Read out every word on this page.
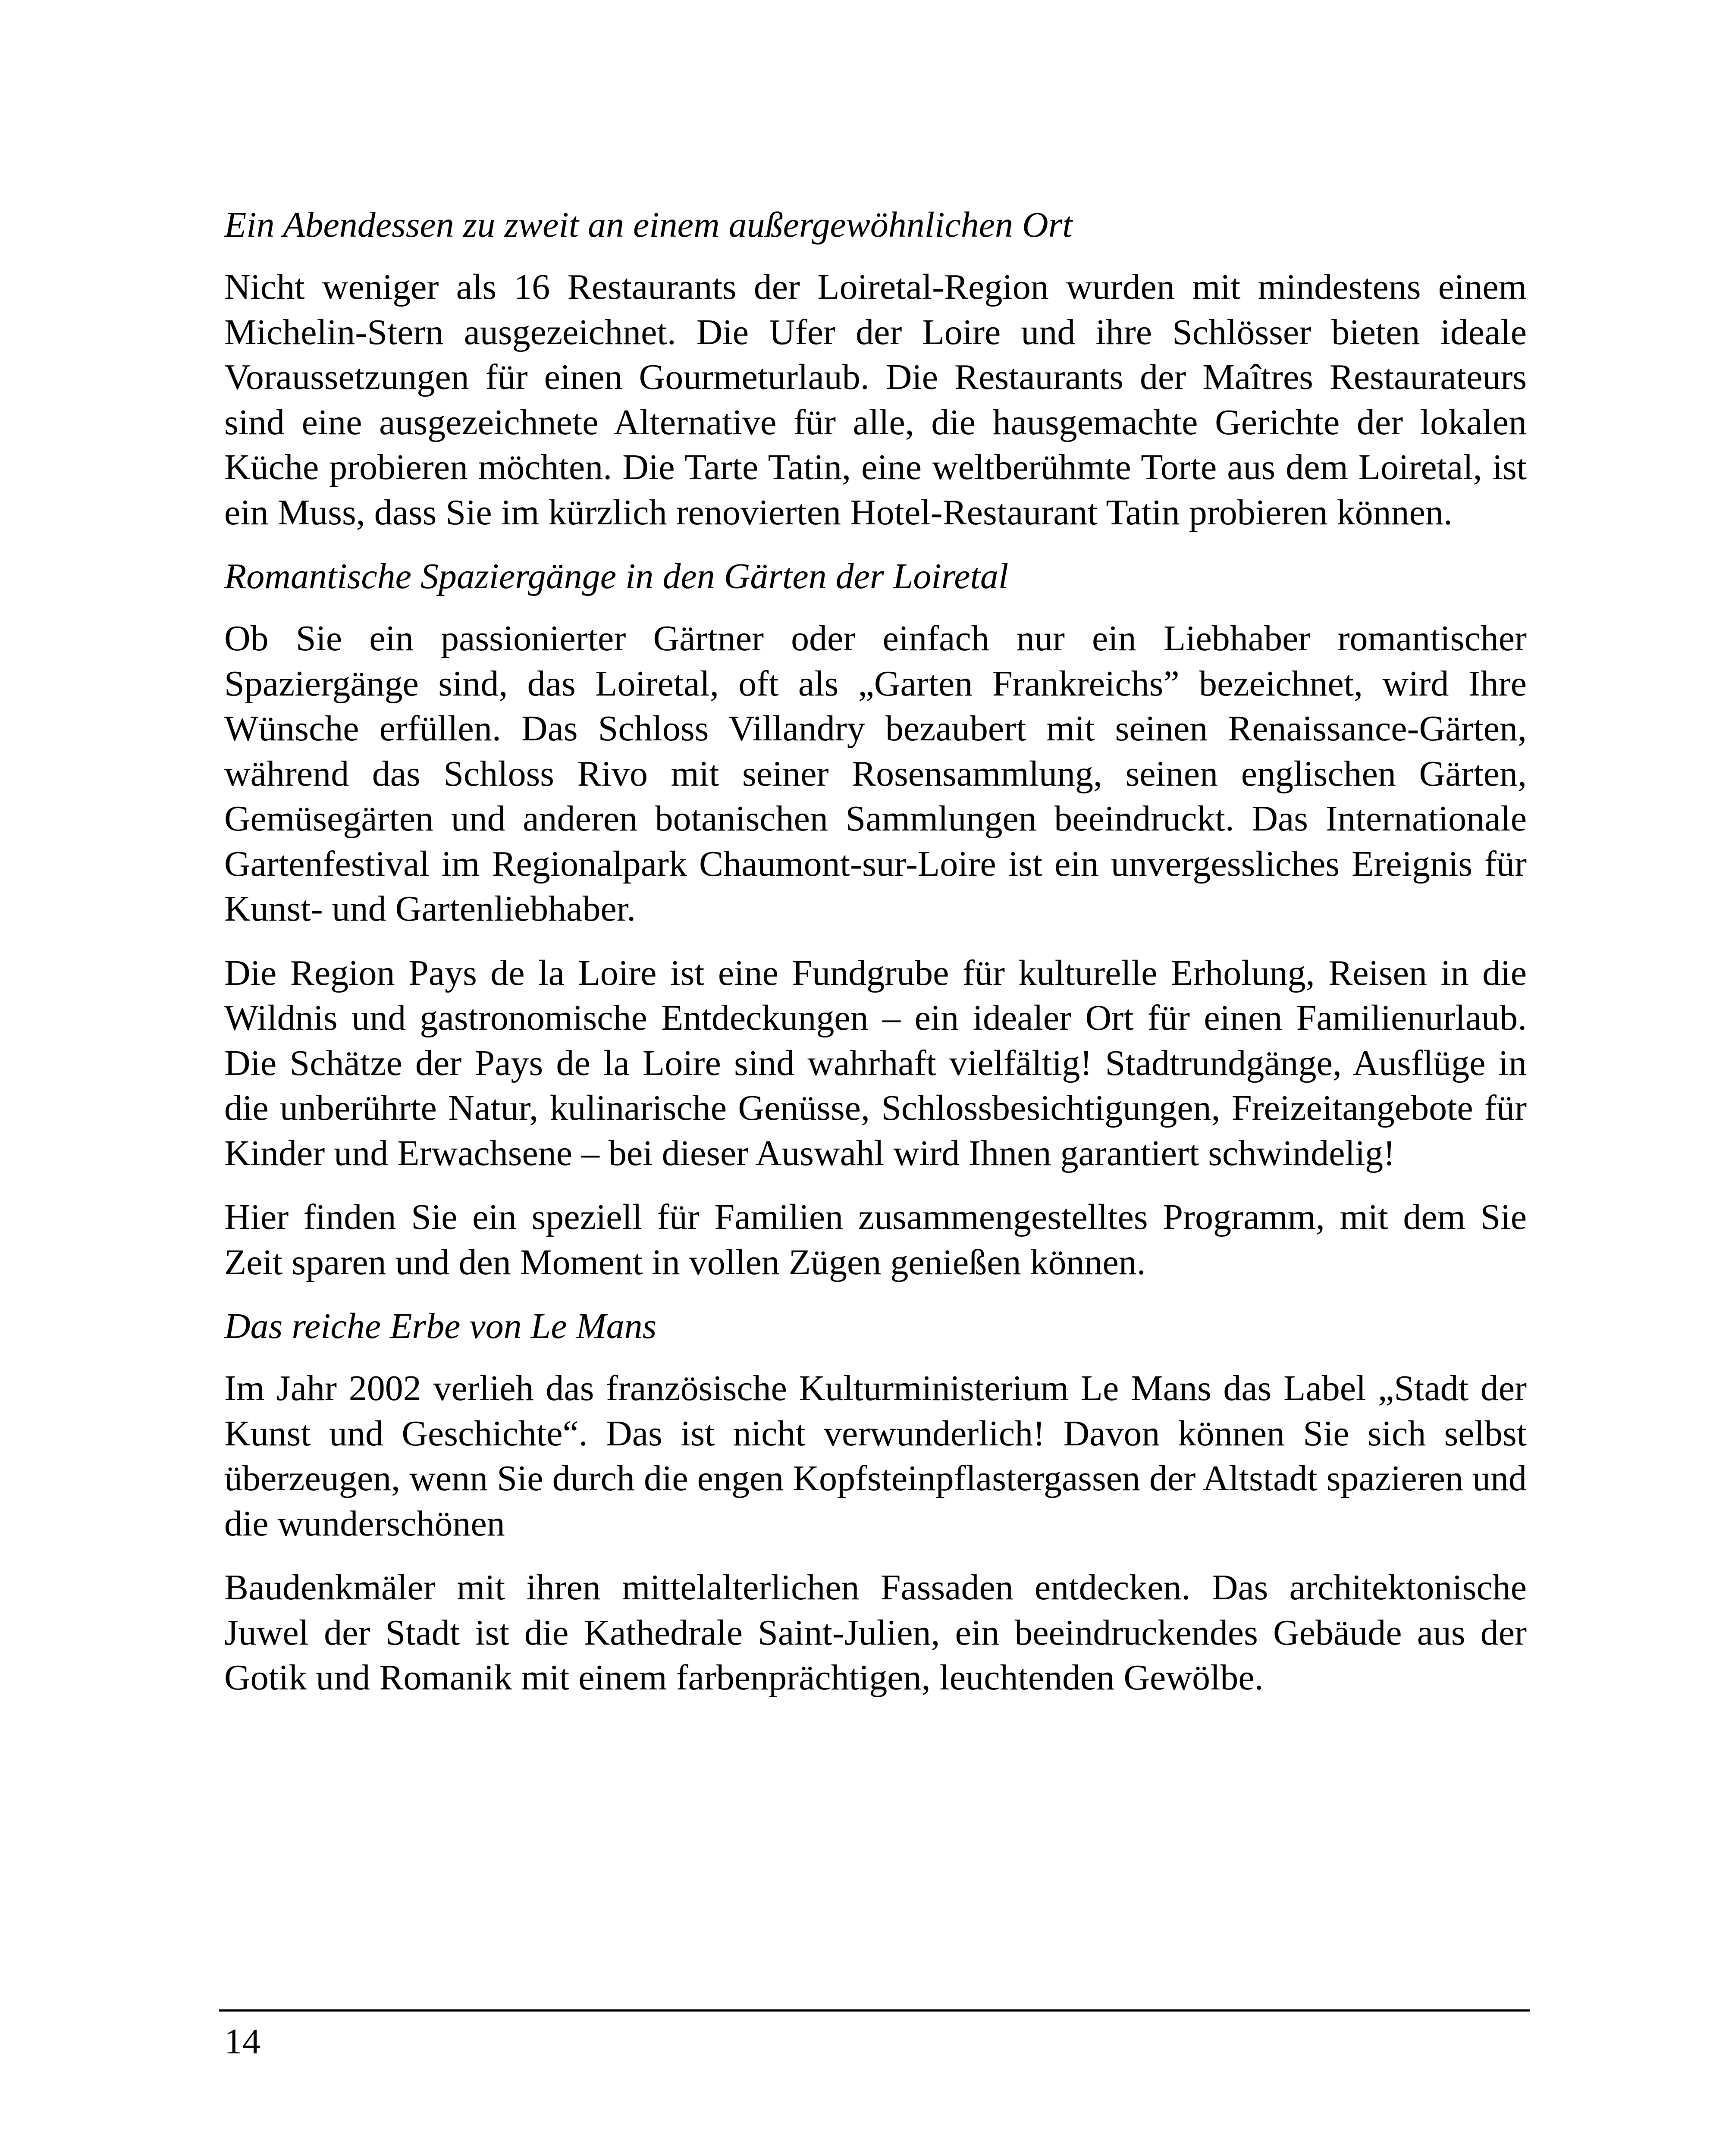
Ein Abendessen zu zweit an einem außergewöhnlichen Ort

Nicht weniger als 16 Restaurants der Loiretal-Region wurden mit mindestens einem Michelin-Stern ausgezeichnet. Die Ufer der Loire und ihre Schlösser bieten ideale Voraussetzungen für einen Gourmeturlaub. Die Restaurants der Maîtres Restaurateurs sind eine ausgezeichnete Alternative für alle, die hausgemachte Gerichte der lokalen Küche probieren möchten. Die Tarte Tatin, eine weltberühmte Torte aus dem Loiretal, ist ein Muss, dass Sie im kürzlich renovierten Hotel-Restaurant Tatin probieren können.

Romantische Spaziergänge in den Gärten der Loiretal

Ob Sie ein passionierter Gärtner oder einfach nur ein Liebhaber romantischer Spaziergänge sind, das Loiretal, oft als „Garten Frankreichs” bezeichnet, wird Ihre Wünsche erfüllen. Das Schloss Villandry bezaubert mit seinen Renaissance-Gärten, während das Schloss Rivo mit seiner Rosensammlung, seinen englischen Gärten, Gemüsegärten und anderen botanischen Sammlungen beeindruckt. Das Internationale Gartenfestival im Regionalpark Chaumont-sur-Loire ist ein unvergessliches Ereignis für Kunst- und Gartenliebhaber.

Die Region Pays de la Loire ist eine Fundgrube für kulturelle Erholung, Reisen in die Wildnis und gastronomische Entdeckungen – ein idealer Ort für einen Familienurlaub. Die Schätze der Pays de la Loire sind wahrhaft vielfältig! Stadtrundgänge, Ausflüge in die unberührte Natur, kulinarische Genüsse, Schlossbesichtigungen, Freizeitangebote für Kinder und Erwachsene – bei dieser Auswahl wird Ihnen garantiert schwindelig!

Hier finden Sie ein speziell für Familien zusammengestelltes Programm, mit dem Sie Zeit sparen und den Moment in vollen Zügen genießen können.

Das reiche Erbe von Le Mans

Im Jahr 2002 verlieh das französische Kulturministerium Le Mans das Label „Stadt der Kunst und Geschichte“. Das ist nicht verwunderlich! Davon können Sie sich selbst überzeugen, wenn Sie durch die engen Kopfsteinpflastergassen der Altstadt spazieren und die wunderschönen

Baudenkmäler mit ihren mittelalterlichen Fassaden entdecken. Das architektonische Juwel der Stadt ist die Kathedrale Saint-Julien, ein beeindruckendes Gebäude aus der Gotik und Romanik mit einem farbenprächtigen, leuchtenden Gewölbe.

14
